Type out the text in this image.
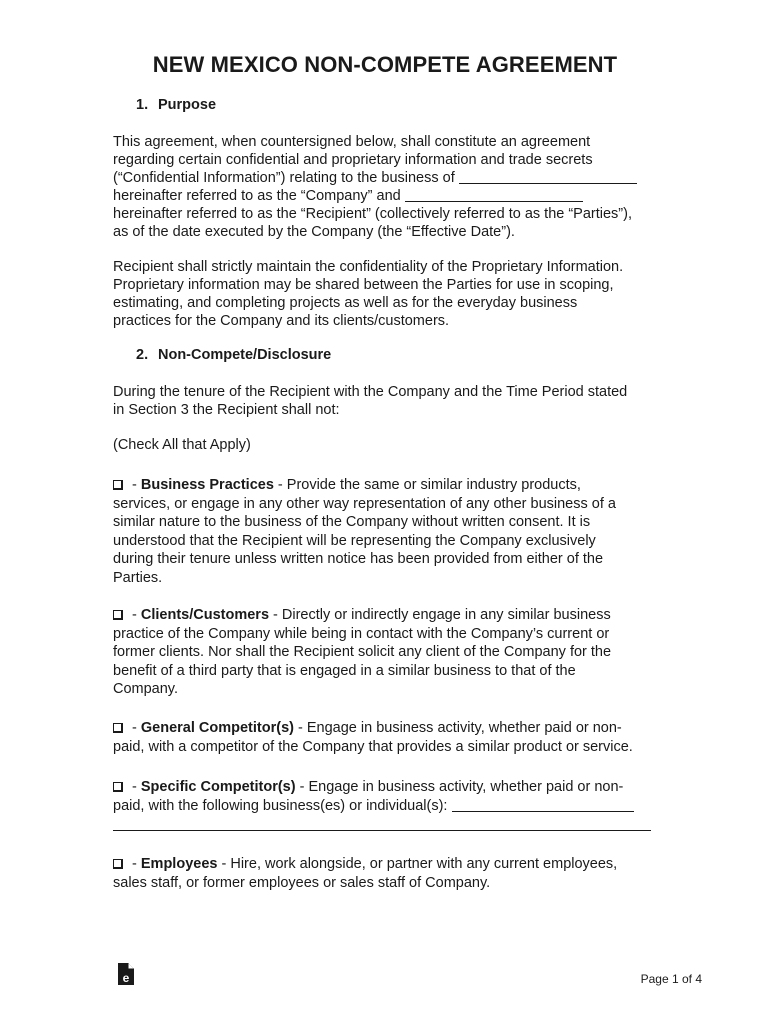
NEW MEXICO NON-COMPETE AGREEMENT
1. Purpose
This agreement, when countersigned below, shall constitute an agreement
regarding certain confidential and proprietary information and trade secrets
(“Confidential Information”) relating to the business of
hereinafter referred to as the “Company” and
hereinafter referred to as the “Recipient” (collectively referred to as the “Parties”),
as of the date executed by the Company (the “Effective Date”).
Recipient shall strictly maintain the confidentiality of the Proprietary Information.
Proprietary information may be shared between the Parties for use in scoping,
estimating, and completing projects as well as for the everyday business
practices for the Company and its clients/customers.
2. Non-Compete/Disclosure
During the tenure of the Recipient with the Company and the Time Period stated
in Section 3 the Recipient shall not:
(Check All that Apply)
- Business Practices - Provide the same or similar industry products,
services, or engage in any other way representation of any other business of a
similar nature to the business of the Company without written consent. It is
understood that the Recipient will be representing the Company exclusively
during their tenure unless written notice has been provided from either of the
Parties.
- Clients/Customers - Directly or indirectly engage in any similar business
practice of the Company while being in contact with the Company’s current or
former clients. Nor shall the Recipient solicit any client of the Company for the
benefit of a third party that is engaged in a similar business to that of the
Company.
- General Competitor(s) - Engage in business activity, whether paid or non-
paid, with a competitor of the Company that provides a similar product or service.
- Specific Competitor(s) - Engage in business activity, whether paid or non-
paid, with the following business(es) or individual(s):
- Employees - Hire, work alongside, or partner with any current employees,
sales staff, or former employees or sales staff of Company.
e	Page 1 of 4
